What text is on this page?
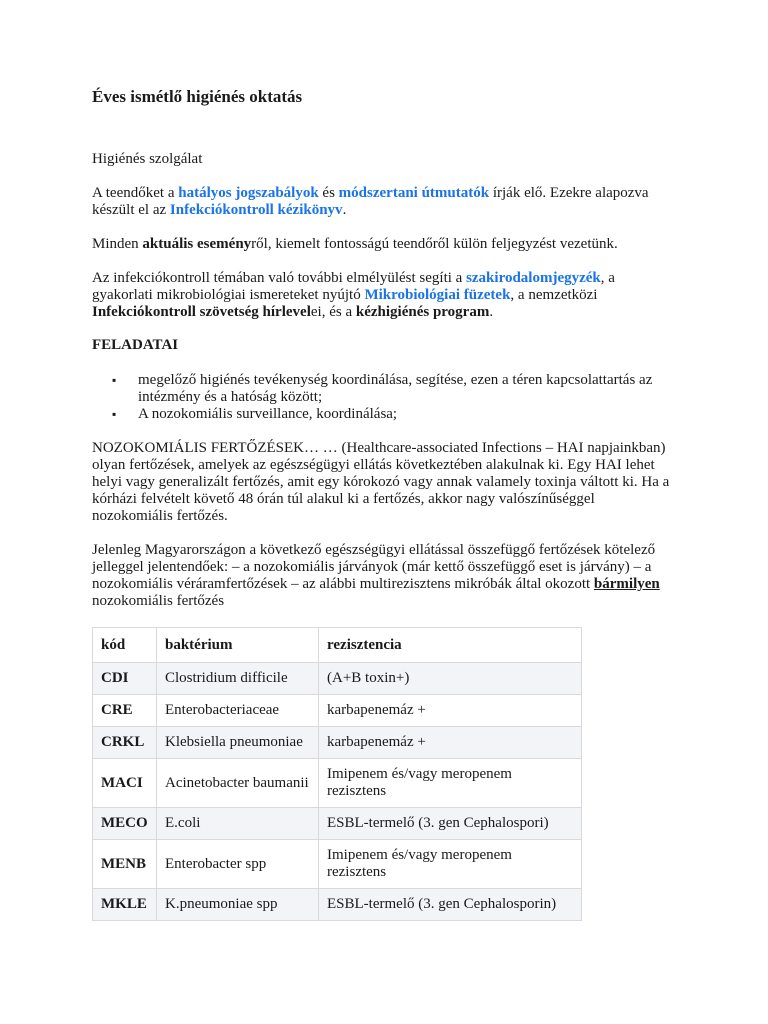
Éves ismétlő higiénés oktatás

Higiénés szolgálat

A teendőket a hatályos jogszabályok és módszertani útmutatók írják elő. Ezekre alapozva készült el az Infekciókontroll kézikönyv.

Minden aktuális eseményről, kiemelt fontosságú teendőről külön feljegyzést vezetünk.

Az infekciókontroll témában való további elmélyülést segíti a szakirodalomjegyzék, a gyakorlati mikrobiológiai ismereteket nyújtó Mikrobiológiai füzetek, a nemzetközi Infekciókontroll szövetség hírlevelei, és a kézhigiénés program.

FELADATAI

▪ megelőző higiénés tevékenység koordinálása, segítése, ezen a téren kapcsolattartás az intézmény és a hatóság között;
▪ A nozokomiális surveillance, koordinálása;

NOZOKOMIÁLIS FERTŐZÉSEK… … (Healthcare-associated Infections – HAI napjainkban) olyan fertőzések, amelyek az egészségügyi ellátás következtében alakulnak ki. Egy HAI lehet helyi vagy generalizált fertőzés, amit egy kórokozó vagy annak valamely toxinja váltott ki. Ha a kórházi felvételt követő 48 órán túl alakul ki a fertőzés, akkor nagy valószínűséggel nozokomiális fertőzés.

Jelenleg Magyarországon a következő egészségügyi ellátással összefüggő fertőzések kötelező jelleggel jelentendőek: – a nozokomiális járványok (már kettő összefüggő eset is járvány) – a nozokomiális véráramfertőzések – az alábbi multirezisztens mikróbák által okozott bármilyen nozokomiális fertőzés

kód	baktérium	rezisztencia
CDI	Clostridium difficile	(A+B toxin+)
CRE	Enterobacteriaceae	karbapenemáz +
CRKL	Klebsiella pneumoniae	karbapenemáz +
MACI	Acinetobacter baumanii	Imipenem és/vagy meropenem rezisztens
MECO	E.coli	ESBL-termelő (3. gen Cephalospori)
MENB	Enterobacter spp	Imipenem és/vagy meropenem rezisztens
MKLE	K.pneumoniae spp	ESBL-termelő (3. gen Cephalosporin)
